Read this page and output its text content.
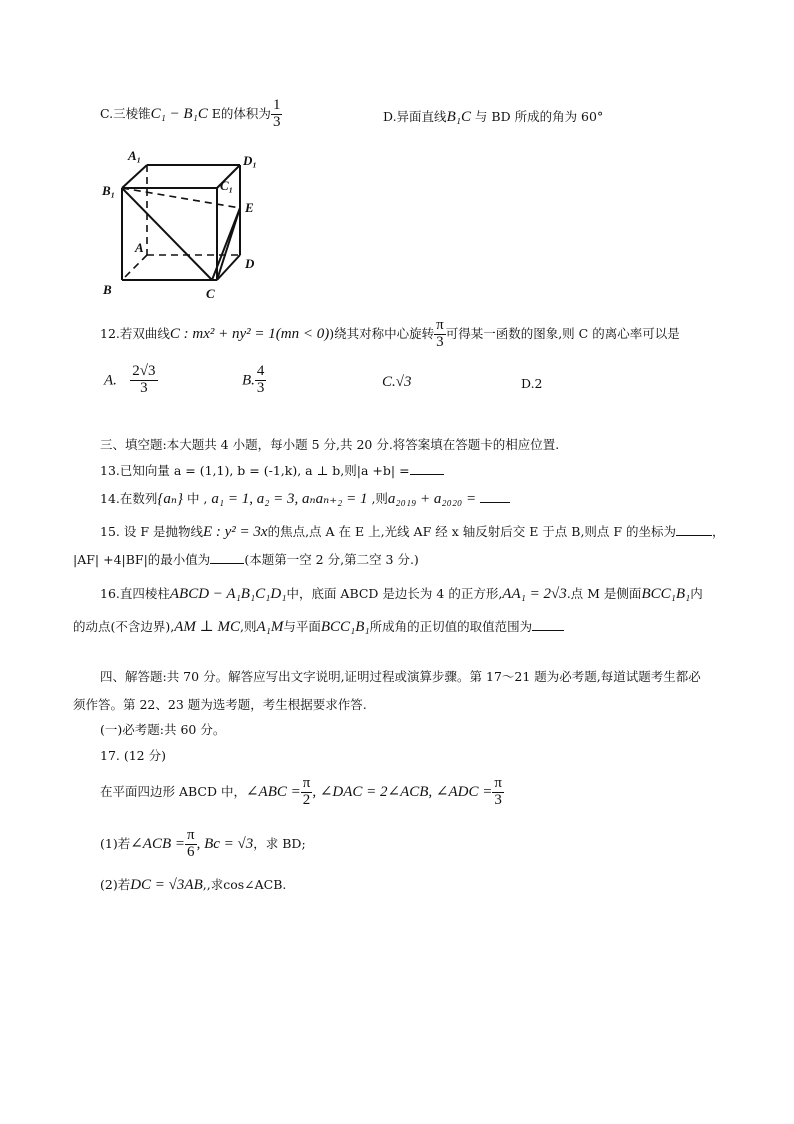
C.三棱锥C₁ − B₁C E的体积为 $\frac{1}{3}$	D.异面直线B₁C 与 BD 所成的角为 60°
A₁	D₁
B₁	C₁
E
A
D
B	C
12.若双曲线C : mx² + ny² = 1(mn < 0))绕其对称中心旋转 $\frac{\pi}{3}$ 可得某一函数的图象,则 C 的离心率可以是
A. $\frac{2√3}{3}$	B. $\frac{4}{3}$	C.√3	D.2
三、填空题:本大题共 4 小题，每小题 5 分,共 20 分.将答案填在答题卡的相应位置.
13.已知向量 a = (1,1), b = (-1,k), a ⊥ b,则|a +b| =
14.在数列{aₙ} 中 , a₁ = 1, a₂ = 3, aₙaₙ₊₂ = 1 ,则a₂₀₁₉ + a₂₀₂₀ =
15. 设 F 是抛物线E : y² = 3x的焦点,点 A 在 E 上,光线 AF 经 x 轴反射后交 E 于点 B,则点 F 的坐标为	，
|AF| +4|BF|的最小值为	(本题第一空 2 分,第二空 3 分.)
16.直四棱柱ABCD − A₁B₁C₁D₁中，底面 ABCD 是边长为 4 的正方形,AA₁ = 2√3.点 M 是侧面BCC₁B₁内
的动点(不含边界),AM ⊥ MC,则A₁M与平面BCC₁B₁所成角的正切值的取值范围为
四、解答题:共 70 分。解答应写出文字说明,证明过程或演算步骤。第 17～21 题为必考题,每道试题考生都必
须作答。第 22、23 题为选考题，考生根据要求作答.
(一)必考题:共 60 分。
17. (12 分)
在平面四边形 ABCD 中，∠ABC = $\frac{\pi}{2}$ , ∠DAC = 2∠ACB, ∠ADC = $\frac{\pi}{3}$
(1)若∠ACB = $\frac{\pi}{6}$ , Bc = √3，求 BD;
(2)若DC = √3AB,,求cos∠ACB.
